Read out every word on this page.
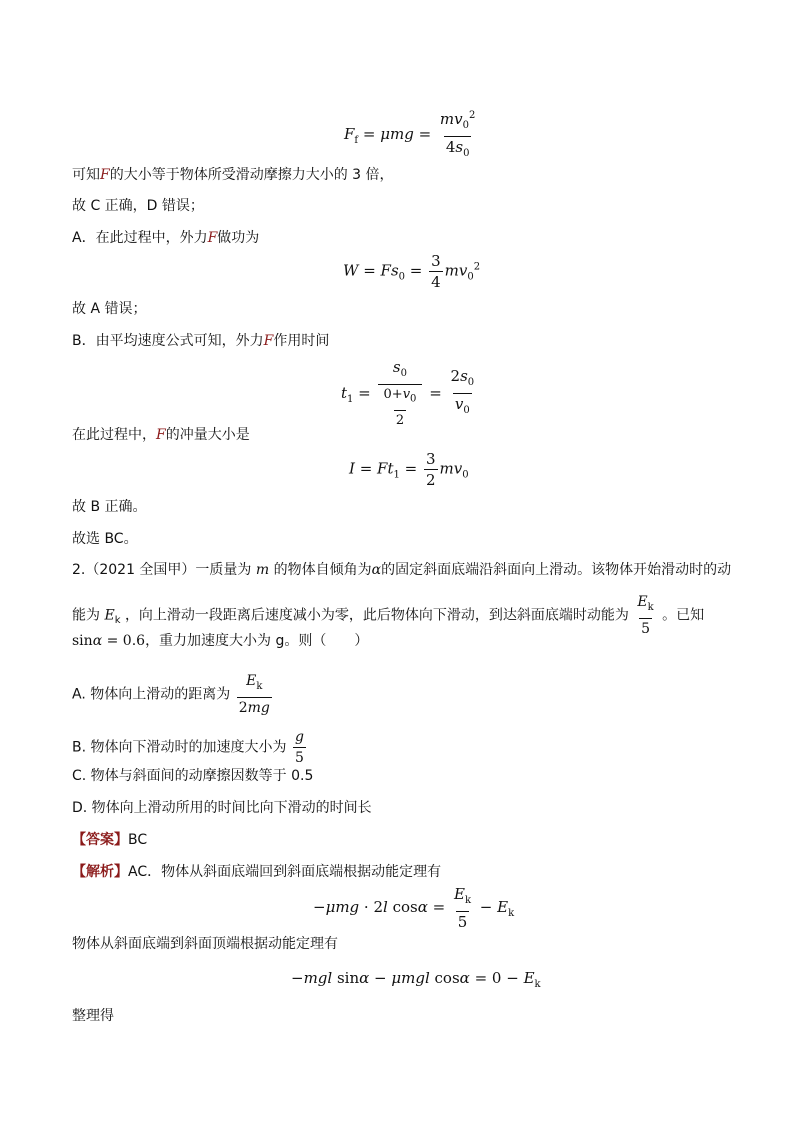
$F_f = \mu mg = \frac{mv_0^2}{4s_0}$
可知F的大小等于物体所受滑动摩擦力大小的 3 倍，
故 C 正确，D 错误；
A．在此过程中，外力F做功为
$W = Fs_0 = \frac{3}{4} mv_0^2$
故 A 错误；
B．由平均速度公式可知，外力F作用时间
$t_1 = \frac{s_0}{\frac{0+v_0}{2}} = \frac{2s_0}{v_0}$
在此过程中，F的冲量大小是
$I = Ft_1 = \frac{3}{2} mv_0$
故 B 正确。
故选 BC。
2.（2021 全国甲）一质量为 m 的物体自倾角为α的固定斜面底端沿斜面向上滑动。该物体开始滑动时的动
能为 $E_k$ ，向上滑动一段距离后速度减小为零，此后物体向下滑动，到达斜面底端时动能为 $\frac{E_k}{5}$ 。已知
sinα = 0.6，重力加速度大小为 g。则（　　）
A. 物体向上滑动的距离为 $\frac{E_k}{2mg}$
B. 物体向下滑动时的加速度大小为 $\frac{g}{5}$
C. 物体与斜面间的动摩擦因数等于 0.5
D. 物体向上滑动所用的时间比向下滑动的时间长
【答案】BC
【解析】AC．物体从斜面底端回到斜面底端根据动能定理有
−μmg · 2l $\cos\alpha = \frac{E_k}{5} - E_k$
物体从斜面底端到斜面顶端根据动能定理有
−mgl sinα − μmgl $\cos\alpha = 0 - E_k$
整理得
